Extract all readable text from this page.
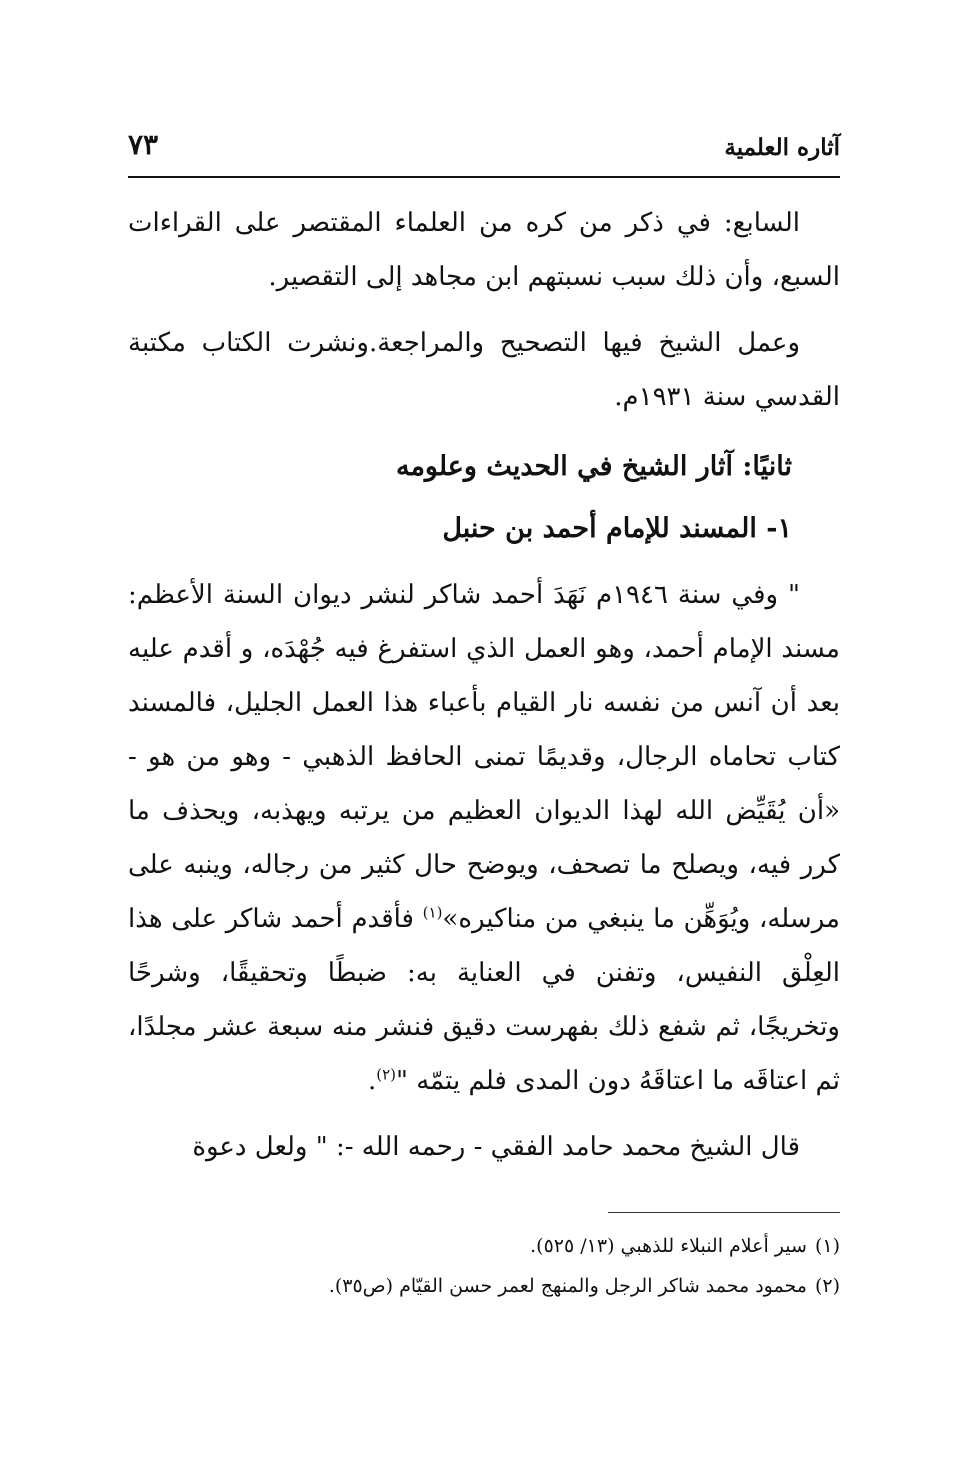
آثاره العلمية
٧٣

السابع: في ذكر من كره من العلماء المقتصر على القراءات السبع، وأن ذلك سبب نسبتهم ابن مجاهد إلى التقصير.

وعمل الشيخ فيها التصحيح والمراجعة.ونشرت الكتاب مكتبة القدسي سنة ١٩٣١م.

ثانيًا: آثار الشيخ في الحديث وعلومه
١- المسند للإمام أحمد بن حنبل

" وفي سنة ١٩٤٦م نَهَدَ أحمد شاكر لنشر ديوان السنة الأعظم: مسند الإمام أحمد، وهو العمل الذي استفرغ فيه جُهْدَه، و أقدم عليه بعد أن آنس من نفسه نار القيام بأعباء هذا العمل الجليل، فالمسند كتاب تحاماه الرجال، وقديمًا تمنى الحافظ الذهبي - وهو من هو - «أن يُقَيِّض الله لهذا الديوان العظيم من يرتبه ويهذبه، ويحذف ما كرر فيه، ويصلح ما تصحف، ويوضح حال كثير من رجاله، وينبه على مرسله، ويُوَهِّن ما ينبغي من مناكيره»$^{(١)}$ فأقدم أحمد شاكر على هذا العِلْق النفيس، وتفنن في العناية به: ضبطًا وتحقيقًا، وشرحًا وتخريجًا، ثم شفع ذلك بفهرست دقيق فنشر منه سبعة عشر مجلدًا، ثم اعتاقَه ما اعتاقَهُ دون المدى فلم يتمّه "$^{(٢)}$.

قال الشيخ محمد حامد الفقي - رحمه الله -: " ولعل دعوة

(١)سير أعلام النبلاء للذهبي (١٣/ ٥٢٥).
(٢)محمود محمد شاكر الرجل والمنهج لعمر حسن القيّام (ص٣٥).
